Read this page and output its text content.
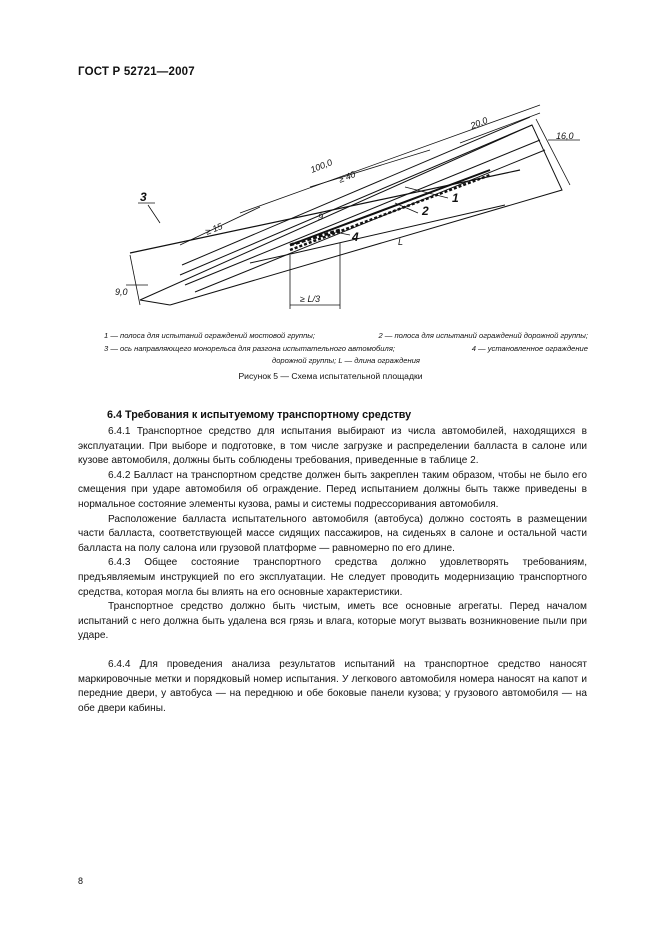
ГОСТ Р 52721—2007
100,0
20,0
≥ 40
≥ 15
16,0
9,0
≥ L/3
L
9
1
2
3
4
1 — полоса для испытаний ограждений мостовой группы;	2 — полоса для испытаний ограждений дорожной группы;
3 — ось направляющего монорельса для разгона испытательного автомобиля;	4 — установленное ограждение
дорожной группы; L — длина ограждения
Рисунок 5 — Схема испытательной площадки
6.4 Требования к испытуемому транспортному средству

6.4.1 Транспортное средство для испытания выбирают из числа автомобилей, находящихся в эксплуатации. При выборе и подготовке, в том числе загрузке и распределении балласта в салоне или кузове автомобиля, должны быть соблюдены требования, приведенные в таблице 2.

6.4.2 Балласт на транспортном средстве должен быть закреплен таким образом, чтобы не было его смещения при ударе автомобиля об ограждение. Перед испытанием должны быть также приведены в нормальное состояние элементы кузова, рамы и системы подрессоривания автомобиля.

Расположение балласта испытательного автомобиля (автобуса) должно состоять в размещении части балласта, соответствующей массе сидящих пассажиров, на сиденьях в салоне и остальной части балласта на полу салона или грузовой платформе — равномерно по его длине.

6.4.3 Общее состояние транспортного средства должно удовлетворять требованиям, предъявляемым инструкцией по его эксплуатации. Не следует проводить модернизацию транспортного средства, которая могла бы влиять на его основные характеристики.

Транспортное средство должно быть чистым, иметь все основные агрегаты. Перед началом испытаний с него должна быть удалена вся грязь и влага, которые могут вызвать возникновение пыли при ударе.

6.4.4 Для проведения анализа результатов испытаний на транспортное средство наносят маркировочные метки и порядковый номер испытания. У легкового автомобиля номера наносят на капот и передние двери, у автобуса — на переднюю и обе боковые панели кузова; у грузового автомобиля — на обе двери кабины.

8
